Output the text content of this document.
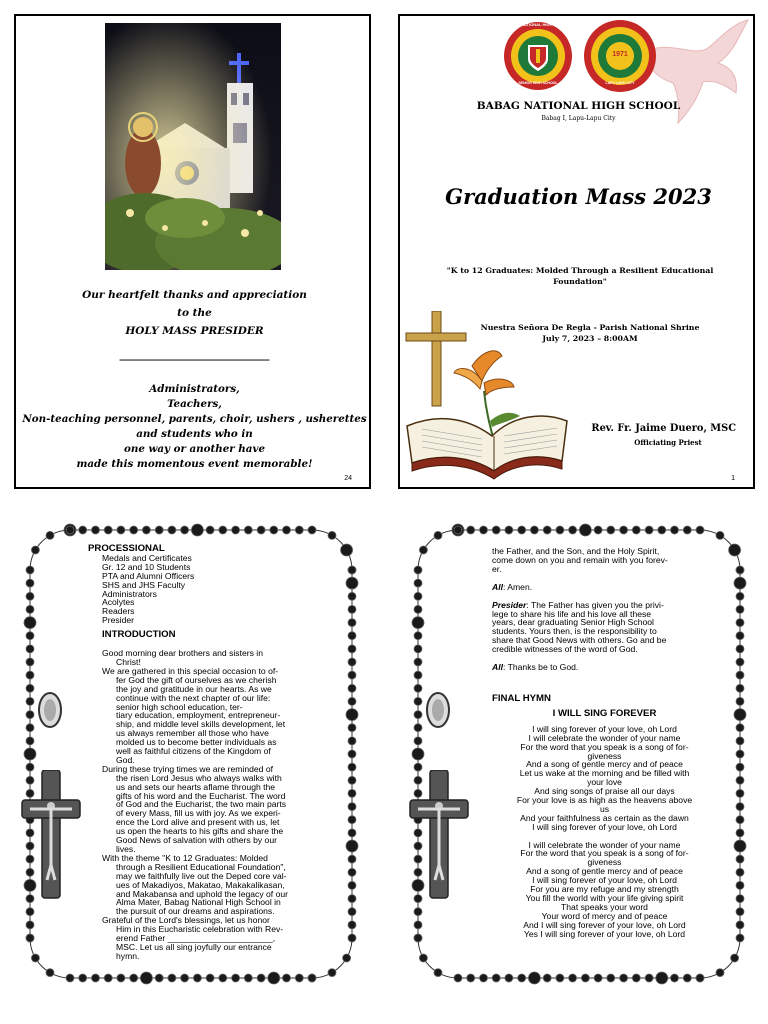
Our heartfelt thanks and appreciation
to the
HOLY MASS PRESIDER
______________________________
Administrators,
Teachers,
Non-teaching personnel, parents, choir, ushers , usherettes
and students who in
one way or another have
made this momentous event memorable!
24
BABAG NATIONAL HIGH SCHOOL
SENIOR HIGH SCHOOL
1971
LAPU LAPU CITY
BABAG NATIONAL HIGH SCHOOL
Babag I, Lapu-Lapu City
Graduation Mass 2023
"K to 12 Graduates: Molded Through a Resilient Educational
Foundation"
Nuestra Señora De Regla - Parish National Shrine
July 7, 2023 – 8:00AM
Rev. Fr. Jaime Duero, MSC
Officiating Priest
1
PROCESSIONAL
Medals and Certificates
Gr. 12 and 10 Students
PTA and Alumni Officers
SHS and JHS Faculty
Administrators
Acolytes
Readers
Presider
INTRODUCTION
Good morning dear brothers and sisters in
Christ!
We are gathered in this special occasion to of-
fer God the gift of ourselves as we cherish
the joy and gratitude in our hearts. As we
continue with the next chapter of our life:
senior high school education, ter-
tiary education, employment, entrepreneur-
ship, and middle level skills development, let
us always remember all those who have
molded us to become better individuals as
well as faithful citizens of the Kingdom of
God.
During these trying times we are reminded of
the risen Lord Jesus who always walks with
us and sets our hearts aflame through the
gifts of his word and the Eucharist. The word
of God and the Eucharist, the two main parts
of every Mass, fill us with joy. As we experi-
ence the Lord alive and present with us, let
us open the hearts to his gifts and share the
Good News of salvation with others by our
lives.
With the theme "K to 12 Graduates: Molded
through a Resilient Educational Foundation",
may we faithfully live out the Deped core val-
ues of Makadiyos, Makatao, Makakalikasan,
and Makabansa and uphold the legacy of our
Alma Mater, Babag National High School in
the pursuit of our dreams and aspirations.
Grateful of the Lord's blessings, let us honor
Him in this Eucharistic celebration with Rev-
erend Father ______________________,
MSC. Let us all sing joyfully our entrance
hymn.
the Father, and the Son, and the Holy Spirit,
come down on you and remain with you forev-
er.
All: Amen.
Presider: The Father has given you the privi-
lege to share his life and his love all these
years, dear graduating Senior High School
students. Yours then, is the responsibility to
share that Good News with others. Go and be
credible witnesses of the word of God.
All: Thanks be to God.
FINAL HYMN
I WILL SING FOREVER
I will sing forever of your love, oh Lord
I will celebrate the wonder of your name
For the word that you speak is a song of for-
giveness
And a song of gentle mercy and of peace
Let us wake at the morning and be filled with
your love
And sing songs of praise all our days
For your love is as high as the heavens above
us
And your faithfulness as certain as the dawn
I will sing forever of your love, oh Lord

I will celebrate the wonder of your name
For the word that you speak is a song of for-
giveness
And a song of gentle mercy and of peace
I will sing forever of your love, oh Lord
For you are my refuge and my strength
You fill the world with your life giving spirit
That speaks your word
Your word of mercy and of peace
And I will sing forever of your love, oh Lord
Yes I will sing forever of your love, oh Lord
